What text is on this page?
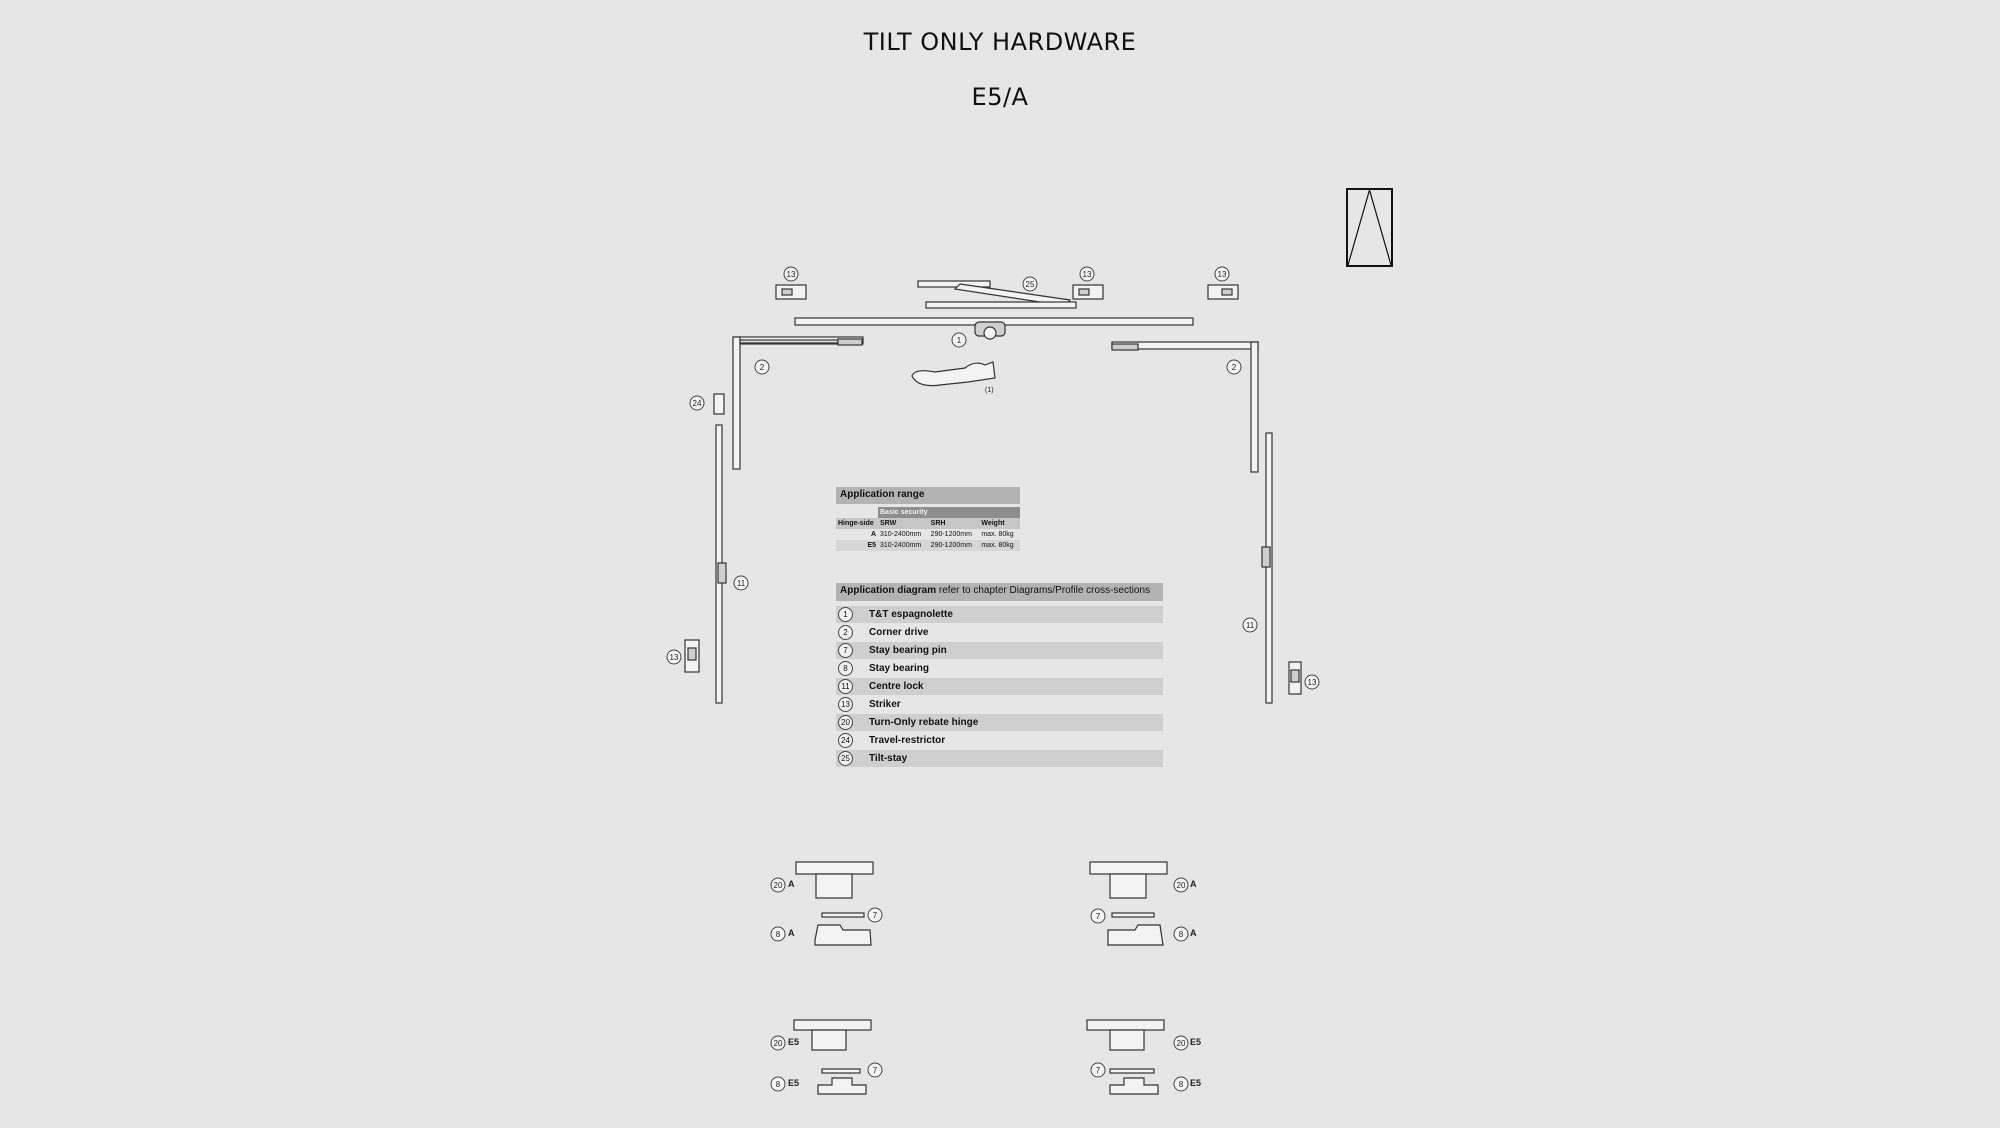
TILT ONLY HARDWARE
E5/A
13
25
13	13
1
(1)
2	2
24
11
11
13
13
20 A
7
8 A
20 A
7
8 A
20 E5
7
8 E5
20 E5
7
8 E5
Application range
	Basic security		
Hinge-side	SRW	SRH	Weight
A	310-2400mm	290-1200mm	max. 80kg
E5	310-2400mm	290-1200mm	max. 80kg
Application diagram refer to chapter Diagrams/Profile cross-sections
1	T&T espagnolette
2	Corner drive
7	Stay bearing pin
8	Stay bearing
11	Centre lock
13	Striker
20	Turn-Only rebate hinge
24	Travel-restrictor
25	Tilt-stay
